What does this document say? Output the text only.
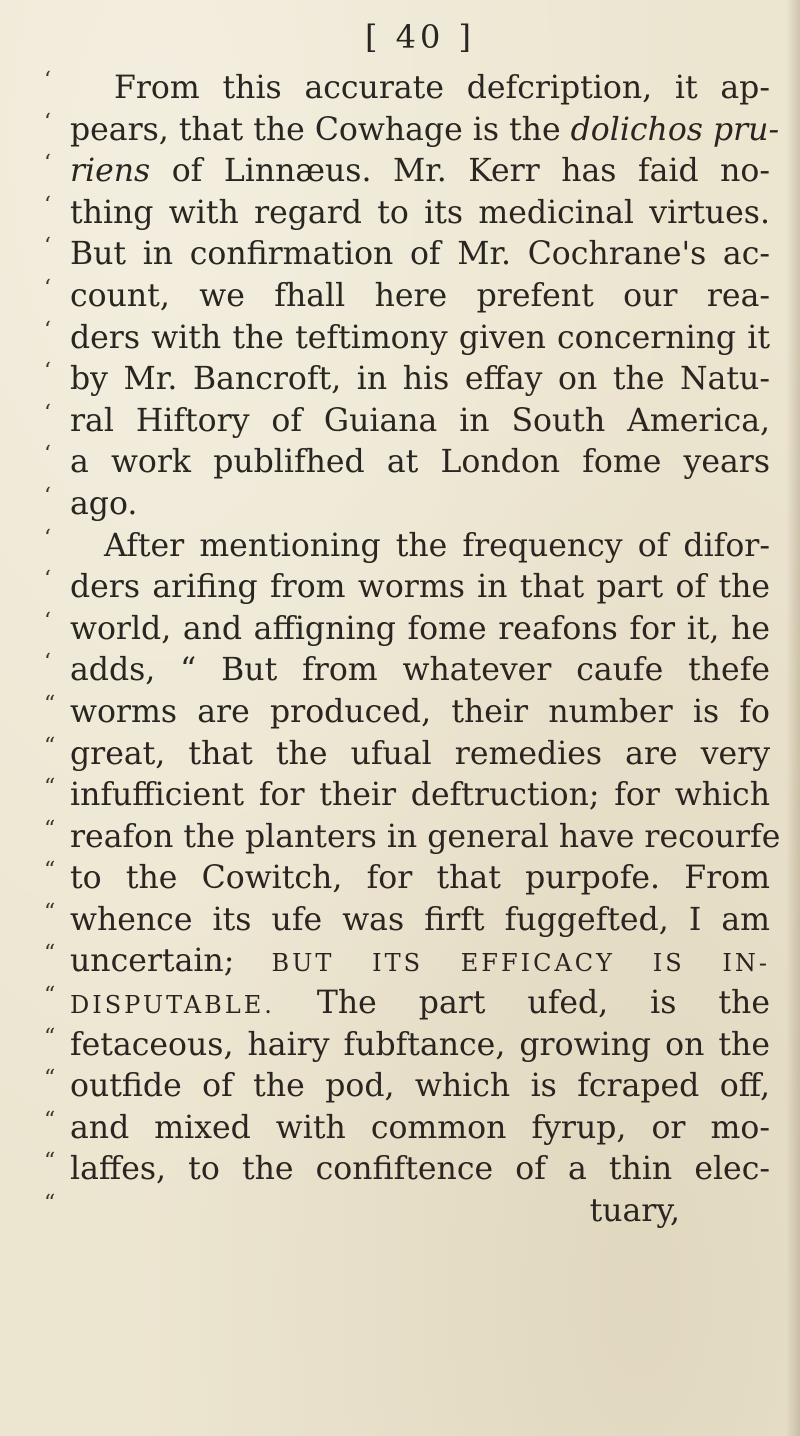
[ 40 ]
‘ From this accurate defcription, it ap-
‘ pears, that the Cowhage is the dolichos pru-
‘ riens of Linnæus. Mr. Kerr has faid no-
‘ thing with regard to its medicinal virtues.
‘ But in confirmation of Mr. Cochrane's ac-
‘ count, we fhall here prefent our rea-
‘ ders with the teftimony given concerning it
‘ by Mr. Bancroft, in his effay on the Natu-
‘ ral Hiftory of Guiana in South America,
‘ a work publifhed at London fome years
‘ ago.
‘ After mentioning the frequency of difor-
‘ ders arifing from worms in that part of the
‘ world, and affigning fome reafons for it, he
‘ adds, “ But from whatever caufe thefe
“ worms are produced, their number is fo
“ great, that the ufual remedies are very
“ infufficient for their deftruction; for which
“ reafon the planters in general have recourfe
“ to the Cowitch, for that purpofe. From
“ whence its ufe was firft fuggefted, I am
“ uncertain; BUT ITS EFFICACY IS IN-
“ DISPUTABLE. The part ufed, is the
“ fetaceous, hairy fubftance, growing on the
“ outfide of the pod, which is fcraped off,
“ and mixed with common fyrup, or mo-
“ laffes, to the confiftence of a thin elec-
“	tuary,
